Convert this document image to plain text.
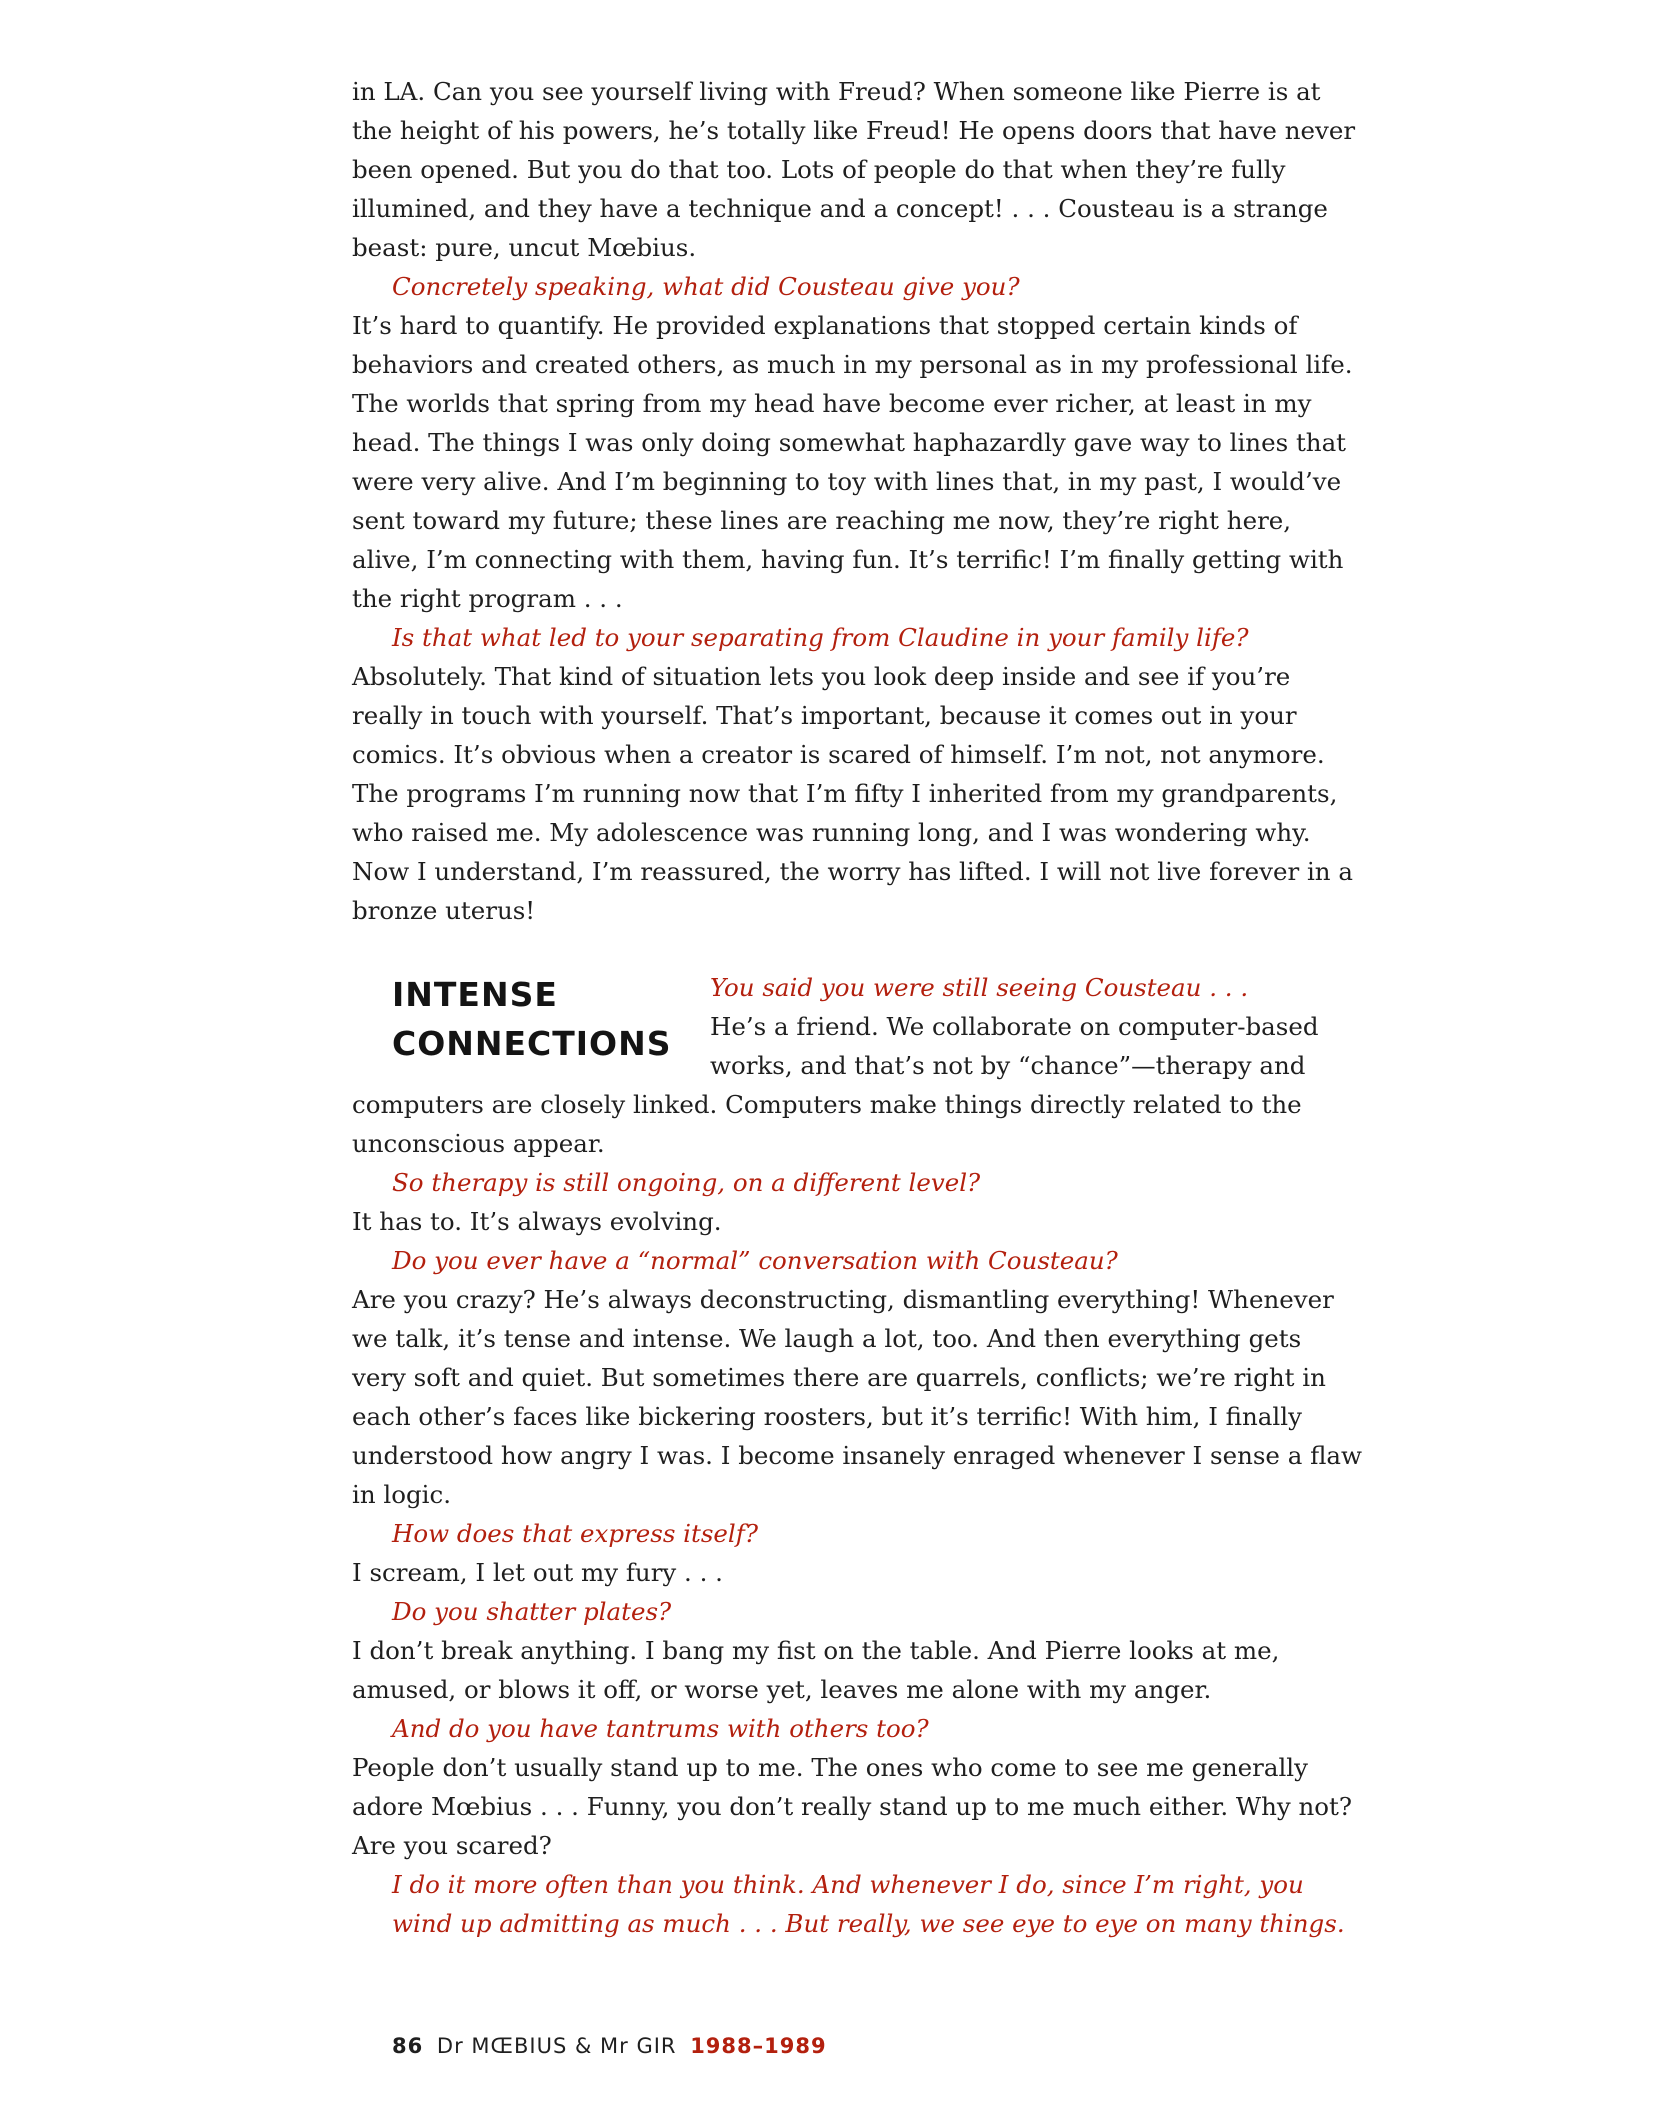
in LA. Can you see yourself living with Freud? When someone like Pierre is at the height of his powers, he’s totally like Freud! He opens doors that have never been opened. But you do that too. Lots of people do that when they’re fully illumined, and they have a technique and a concept! . . . Cousteau is a strange beast: pure, uncut Mœbius.

Concretely speaking, what did Cousteau give you?

It’s hard to quantify. He provided explanations that stopped certain kinds of behaviors and created others, as much in my personal as in my professional life. The worlds that spring from my head have become ever richer, at least in my head. The things I was only doing somewhat haphazardly gave way to lines that were very alive. And I’m beginning to toy with lines that, in my past, I would’ve sent toward my future; these lines are reaching me now, they’re right here, alive, I’m connecting with them, having fun. It’s terrific! I’m finally getting with the right program . . .

Is that what led to your separating from Claudine in your family life?

Absolutely. That kind of situation lets you look deep inside and see if you’re really in touch with yourself. That’s important, because it comes out in your comics. It’s obvious when a creator is scared of himself. I’m not, not anymore. The programs I’m running now that I’m fifty I inherited from my grandparents, who raised me. My adolescence was running long, and I was wondering why. Now I understand, I’m reassured, the worry has lifted. I will not live forever in a bronze uterus!

INTENSE CONNECTIONS

You said you were still seeing Cousteau . . .

He’s a friend. We collaborate on computer-based works, and that’s not by “chance”—therapy and computers are closely linked. Computers make things directly related to the unconscious appear.

So therapy is still ongoing, on a different level?

It has to. It’s always evolving.

Do you ever have a “normal” conversation with Cousteau?

Are you crazy? He’s always deconstructing, dismantling everything! Whenever we talk, it’s tense and intense. We laugh a lot, too. And then everything gets very soft and quiet. But sometimes there are quarrels, conflicts; we’re right in each other’s faces like bickering roosters, but it’s terrific! With him, I finally understood how angry I was. I become insanely enraged whenever I sense a flaw in logic.

How does that express itself?

I scream, I let out my fury . . .

Do you shatter plates?

I don’t break anything. I bang my fist on the table. And Pierre looks at me, amused, or blows it off, or worse yet, leaves me alone with my anger.

And do you have tantrums with others too?

People don’t usually stand up to me. The ones who come to see me generally adore Mœbius . . . Funny, you don’t really stand up to me much either. Why not? Are you scared?

I do it more often than you think. And whenever I do, since I’m right, you wind up admitting as much . . . But really, we see eye to eye on many things.

86 Dr MŒBIUS & Mr GIR 1988–1989
